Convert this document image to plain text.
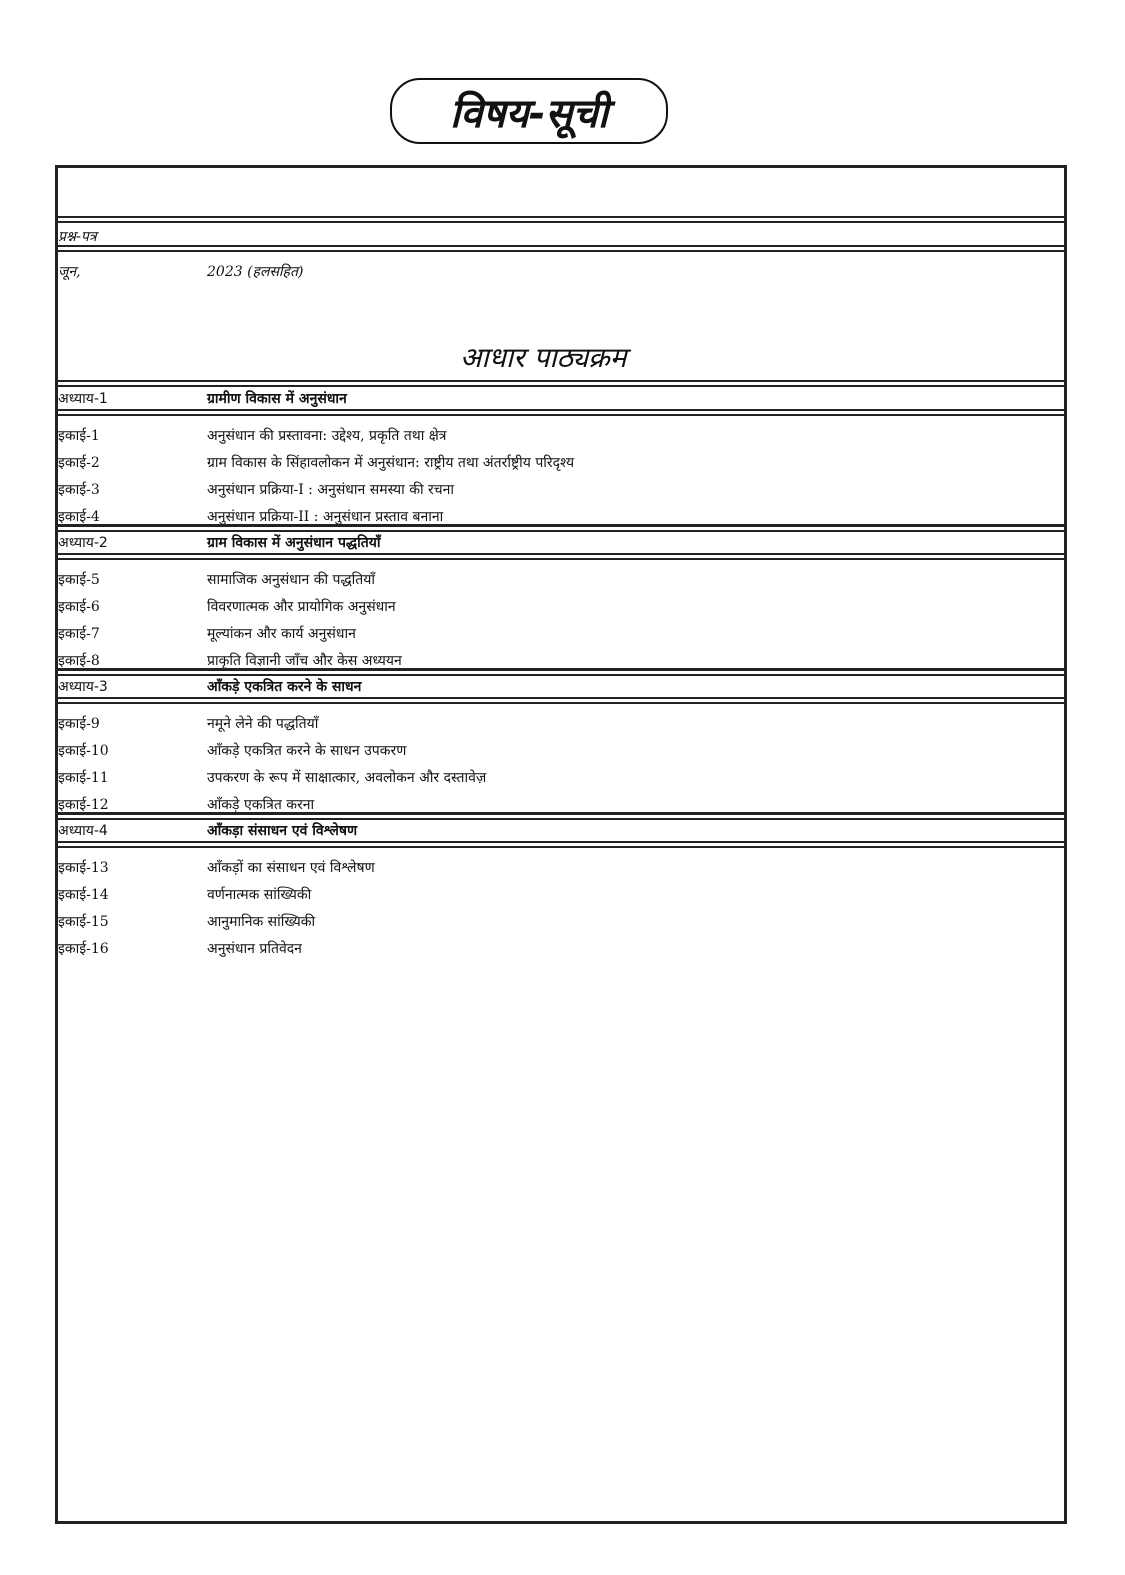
विषय-सूची
प्रश्न-पत्र
जून,	2023 (हलसहित)
आधार पाठ्यक्रम
अध्याय-1	ग्रामीण विकास में अनुसंधान
इकाई-1	अनुसंधान की प्रस्तावना: उद्देश्य, प्रकृति तथा क्षेत्र
इकाई-2	ग्राम विकास के सिंहावलोकन में अनुसंधान: राष्ट्रीय तथा अंतर्राष्ट्रीय परिदृश्य
इकाई-3	अनुसंधान प्रक्रिया-I : अनुसंधान समस्या की रचना
इकाई-4	अनुसंधान प्रक्रिया-II : अनुसंधान प्रस्ताव बनाना
अध्याय-2	ग्राम विकास में अनुसंधान पद्धतियाँ
इकाई-5	सामाजिक अनुसंधान की पद्धतियाँ
इकाई-6	विवरणात्मक और प्रायोगिक अनुसंधान
इकाई-7	मूल्यांकन और कार्य अनुसंधान
इकाई-8	प्राकृति विज्ञानी जाँच और केस अध्ययन
अध्याय-3	आँकड़े एकत्रित करने के साधन
इकाई-9	नमूने लेने की पद्धतियाँ
इकाई-10	आँकड़े एकत्रित करने के साधन उपकरण
इकाई-11	उपकरण के रूप में साक्षात्कार, अवलोकन और दस्तावेज़
इकाई-12	आँकड़े एकत्रित करना
अध्याय-4	आँकड़ा संसाधन एवं विश्लेषण
इकाई-13	आँकड़ों का संसाधन एवं विश्लेषण
इकाई-14	वर्णनात्मक सांख्यिकी
इकाई-15	आनुमानिक सांख्यिकी
इकाई-16	अनुसंधान प्रतिवेदन
